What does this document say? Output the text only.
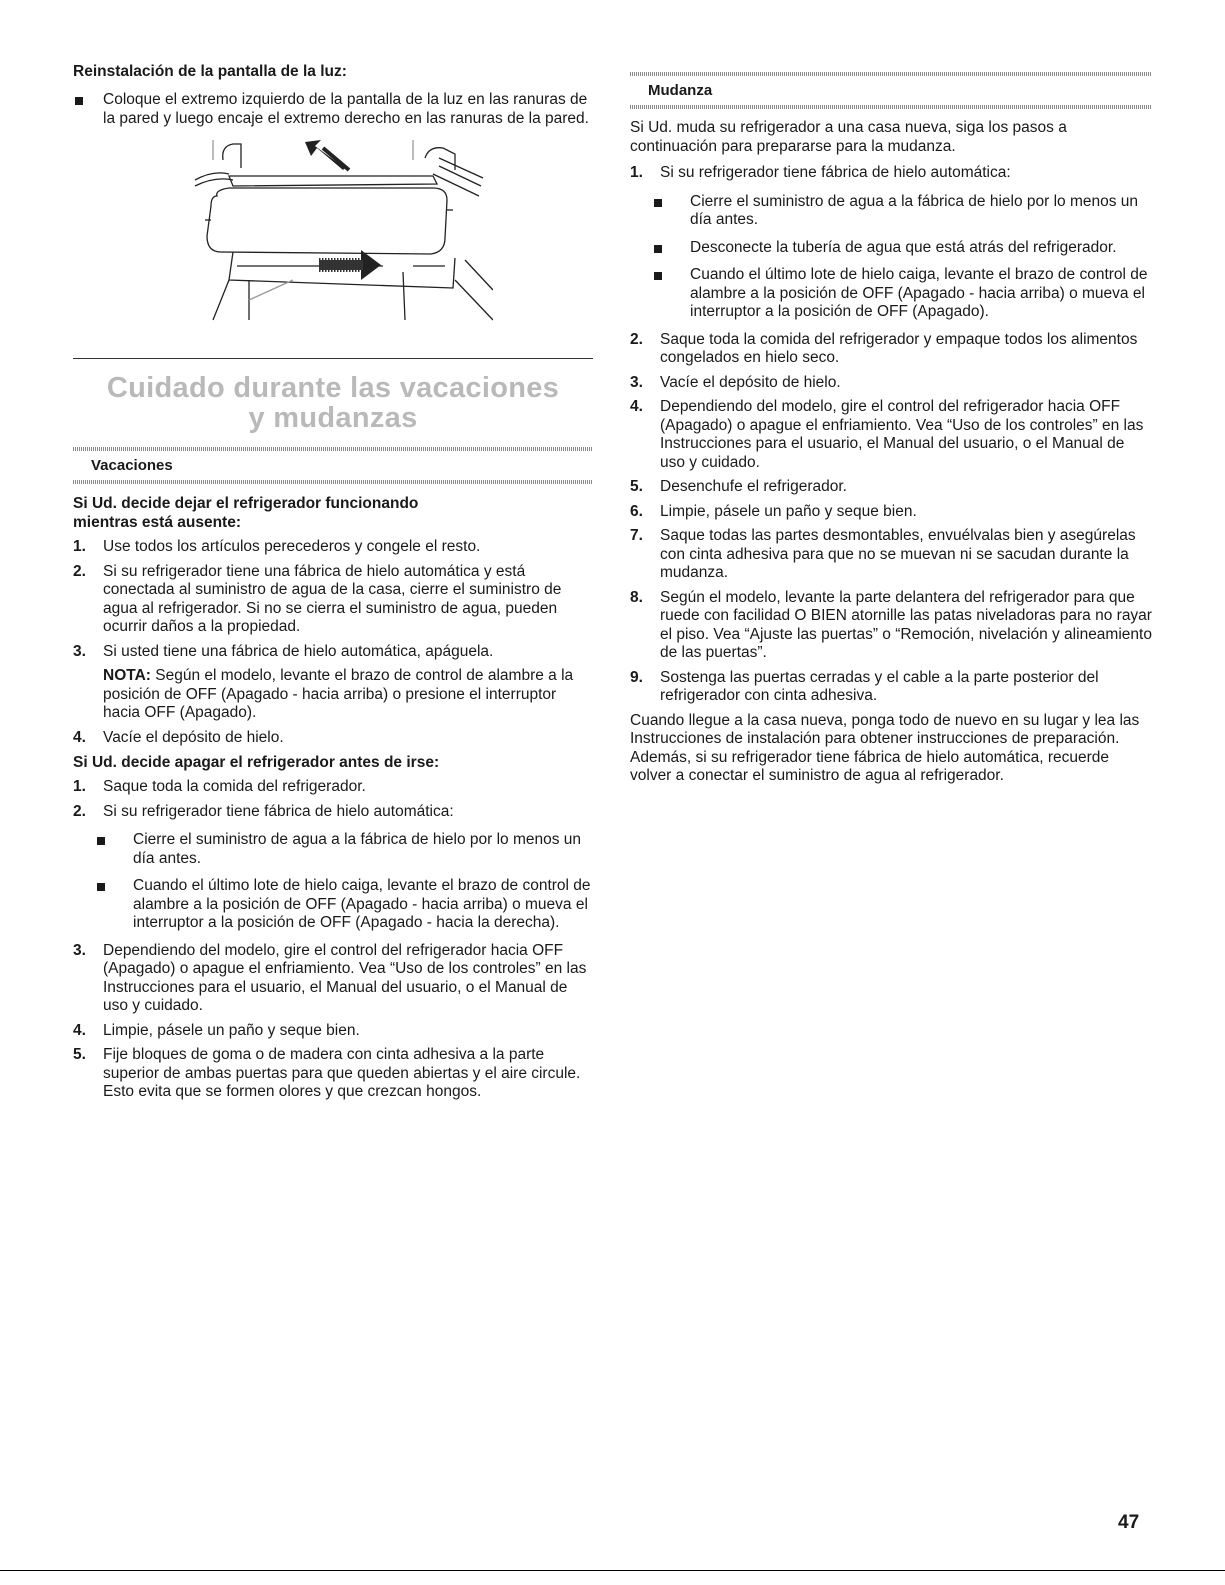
Reinstalación de la pantalla de la luz:
Coloque el extremo izquierdo de la pantalla de la luz en las ranuras de la pared y luego encaje el extremo derecho en las ranuras de la pared.
Cuidado durante las vacaciones
y mudanzas
Vacaciones
Si Ud. decide dejar el refrigerador funcionando mientras está ausente:
1. Use todos los artículos perecederos y congele el resto.
2. Si su refrigerador tiene una fábrica de hielo automática y está conectada al suministro de agua de la casa, cierre el suministro de agua al refrigerador. Si no se cierra el suministro de agua, pueden ocurrir daños a la propiedad.
3. Si usted tiene una fábrica de hielo automática, apáguela.
NOTA: Según el modelo, levante el brazo de control de alambre a la posición de OFF (Apagado - hacia arriba) o presione el interruptor hacia OFF (Apagado).
4. Vacíe el depósito de hielo.
Si Ud. decide apagar el refrigerador antes de irse:
1. Saque toda la comida del refrigerador.
2. Si su refrigerador tiene fábrica de hielo automática:
Cierre el suministro de agua a la fábrica de hielo por lo menos un día antes.
Cuando el último lote de hielo caiga, levante el brazo de control de alambre a la posición de OFF (Apagado - hacia arriba) o mueva el interruptor a la posición de OFF (Apagado - hacia la derecha).
3. Dependiendo del modelo, gire el control del refrigerador hacia OFF (Apagado) o apague el enfriamiento. Vea “Uso de los controles” en las Instrucciones para el usuario, el Manual del usuario, o el Manual de uso y cuidado.
4. Limpie, pásele un paño y seque bien.
5. Fije bloques de goma o de madera con cinta adhesiva a la parte superior de ambas puertas para que queden abiertas y el aire circule. Esto evita que se formen olores y que crezcan hongos.
Mudanza

Si Ud. muda su refrigerador a una casa nueva, siga los pasos a continuación para prepararse para la mudanza.

1. Si su refrigerador tiene fábrica de hielo automática:
Cierre el suministro de agua a la fábrica de hielo por lo menos un día antes.
Desconecte la tubería de agua que está atrás del refrigerador.
Cuando el último lote de hielo caiga, levante el brazo de control de alambre a la posición de OFF (Apagado - hacia arriba) o mueva el interruptor a la posición de OFF (Apagado).
2. Saque toda la comida del refrigerador y empaque todos los alimentos congelados en hielo seco.
3. Vacíe el depósito de hielo.
4. Dependiendo del modelo, gire el control del refrigerador hacia OFF (Apagado) o apague el enfriamiento. Vea “Uso de los controles” en las Instrucciones para el usuario, el Manual del usuario, o el Manual de uso y cuidado.
5. Desenchufe el refrigerador.
6. Limpie, pásele un paño y seque bien.
7. Saque todas las partes desmontables, envuélvalas bien y asegúrelas con cinta adhesiva para que no se muevan ni se sacudan durante la mudanza.
8. Según el modelo, levante la parte delantera del refrigerador para que ruede con facilidad O BIEN atornille las patas niveladoras para no rayar el piso. Vea “Ajuste las puertas” o “Remoción, nivelación y alineamiento de las puertas”.
9. Sostenga las puertas cerradas y el cable a la parte posterior del refrigerador con cinta adhesiva.

Cuando llegue a la casa nueva, ponga todo de nuevo en su lugar y lea las Instrucciones de instalación para obtener instrucciones de preparación. Además, si su refrigerador tiene fábrica de hielo automática, recuerde volver a conectar el suministro de agua al refrigerador.

47
